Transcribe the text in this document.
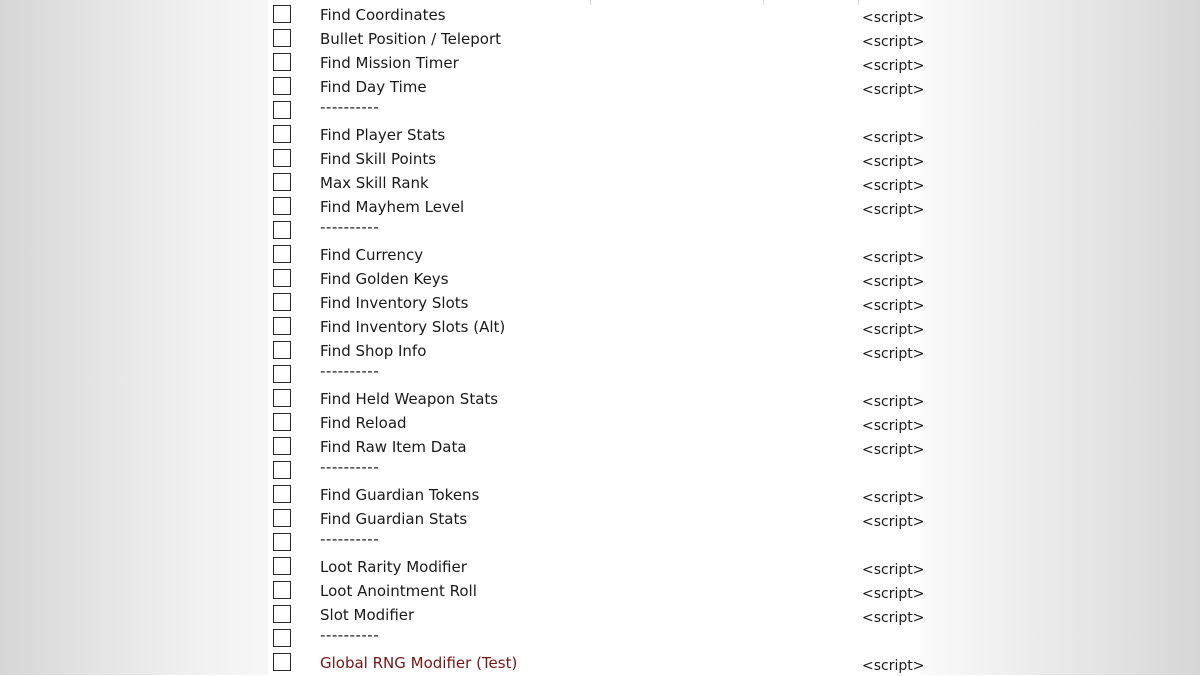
Find Coordinates	<script>
Bullet Position / Teleport	<script>
Find Mission Timer	<script>
Find Day Time	<script>
----------
Find Player Stats	<script>
Find Skill Points	<script>
Max Skill Rank	<script>
Find Mayhem Level	<script>
----------
Find Currency	<script>
Find Golden Keys	<script>
Find Inventory Slots	<script>
Find Inventory Slots (Alt)	<script>
Find Shop Info	<script>
----------
Find Held Weapon Stats	<script>
Find Reload	<script>
Find Raw Item Data	<script>
----------
Find Guardian Tokens	<script>
Find Guardian Stats	<script>
----------
Loot Rarity Modifier	<script>
Loot Anointment Roll	<script>
Slot Modifier	<script>
----------
Global RNG Modifier (Test)	<script>
